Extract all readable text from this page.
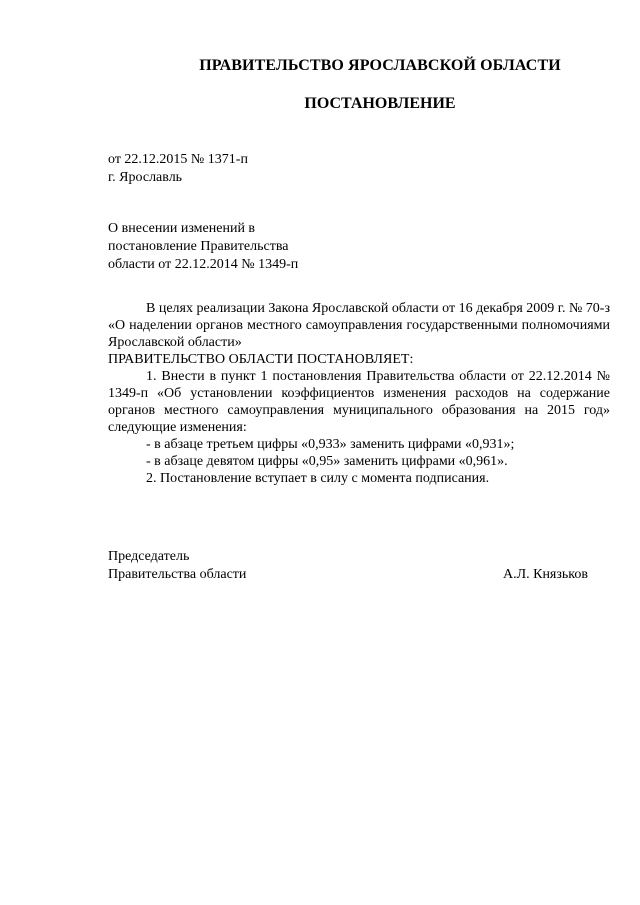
ПРАВИТЕЛЬСТВО ЯРОСЛАВСКОЙ ОБЛАСТИ
ПОСТАНОВЛЕНИЕ
от 22.12.2015 № 1371-п
г. Ярославль
О внесении изменений в
постановление Правительства
области от 22.12.2014 № 1349-п

В целях реализации Закона Ярославской области от 16 декабря 2009 г. № 70-з «О наделении органов местного самоуправления государственными полномочиями Ярославской области»

ПРАВИТЕЛЬСТВО ОБЛАСТИ ПОСТАНОВЛЯЕТ:

1. Внести в пункт 1 постановления Правительства области от 22.12.2014 № 1349-п «Об установлении коэффициентов изменения расходов на содержание органов местного самоуправления муниципального образования на 2015 год» следующие изменения:

- в абзаце третьем цифры «0,933» заменить цифрами «0,931»;

- в абзаце девятом цифры «0,95» заменить цифрами «0,961».

2. Постановление вступает в силу с момента подписания.

Председатель
Правительства области	А.Л. Князьков
